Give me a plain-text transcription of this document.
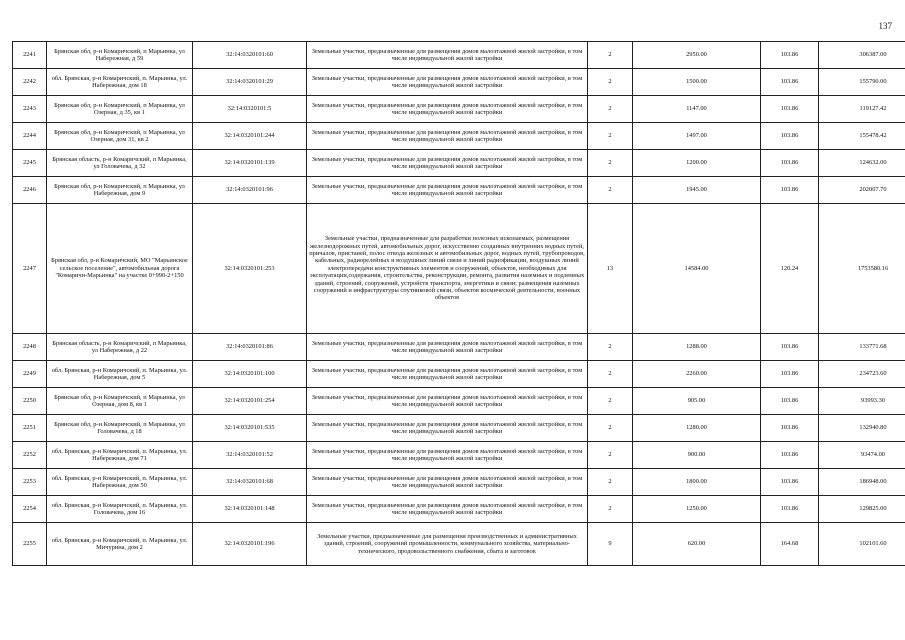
137
2241	Брянская обл, р-н Комаричский, п Марьинка, ул Набережная, д 59	32:14:0320101:60	Земельные участки, предназначенные для размещения домов малоэтажной жилой застройки, в том числе индивидуальной жилой застройки	2	2950.00	103.86	306387.00
2242	обл. Брянская, р-н Комаричский, п. Марьинка, ул. Набережная, дом 18	32:14:0320101:29	Земельные участки, предназначенные для размещения домов малоэтажной жилой застройки, в том числе индивидуальной жилой застройки	2	1500.00	103.86	155790.00
2243	Брянская обл, р-н Комаричский, п Марьинка, ул Озерная, д 35, кв 1	32:14:0320101:5	Земельные участки, предназначенные для размещения домов малоэтажной жилой застройки, в том числе индивидуальной жилой застройки	2	1147.00	103.86	119127.42
2244	Брянская обл, р-н Комаричский, п Марьинка, ул Озерная, дом 31, кв 2	32:14:0320101:244	Земельные участки, предназначенные для размещения домов малоэтажной жилой застройки, в том числе индивидуальной жилой застройки	2	1497.00	103.86	155478.42
2245	Брянская область, р-н Комаричский, п Марьинка, ул Головачева, д 32	32:14:0320101:139	Земельные участки, предназначенные для размещения домов малоэтажной жилой застройки, в том числе индивидуальной жилой застройки	2	1200.00	103.86	124632.00
2246	Брянская обл, р-н Комаричский, п Марьинка, ул Набережная, дом 9	32:14:0320101:96	Земельные участки, предназначенные для размещения домов малоэтажной жилой застройки, в том числе индивидуальной жилой застройки	2	1945.00	103.86	202007.70
2247	Брянская обл, р-н Комаричский, МО "Марьинское сельское поселение", автомобильная дорога "Комаричи-Марьинка" на участке 0+990-2+150	32:14:0320101:253	Земельные участки, предназначенные для разработки полезных ископаемых, размещения железнодорожных путей, автомобильных дорог, искусственно созданных внутренних водных путей, причалов, пристаней, полос отвода железных и автомобильных дорог, водных путей, трубопроводов, кабельных, радиорелейных и воздушных линий связи и линий радиофикации, воздушных линий электропередачи конструктивных элементов и сооружений, объектов, необходимых для эксплуатации,содержания, строительства, реконструкции, ремонта, развития наземных и подземных зданий, строений, сооружений, устройств транспорта, энергетики и связи; размещения наземных сооружений и инфраструктуры спутниковой связи, объектов космической деятельности, военных объектов	13	14584.00	120.24	1753580.16
2248	Брянская область, р-н Комаричский, п Марьинка, ул Набережная, д 22	32:14:0320101:86	Земельные участки, предназначенные для размещения домов малоэтажной жилой застройки, в том числе индивидуальной жилой застройки	2	1288.00	103.86	133771.68
2249	обл. Брянская, р-н Комаричский, п. Марьинка, ул. Набережная, дом 5	32:14:0320101:100	Земельные участки, предназначенные для размещения домов малоэтажной жилой застройки, в том числе индивидуальной жилой застройки	2	2260.00	103.86	234723.60
2250	Брянская обл, р-н Комаричский, п Марьинка, ул Озерная, дом 8, кв 1	32:14:0320101:254	Земельные участки, предназначенные для размещения домов малоэтажной жилой застройки, в том числе индивидуальной жилой застройки	2	905.00	103.86	93993.30
2251	Брянская обл, р-н Комаричский, п Марьинка, ул Головачева, д 18	32:14:0320101:535	Земельные участки, предназначенные для размещения домов малоэтажной жилой застройки, в том числе индивидуальной жилой застройки	2	1280.00	103.86	132940.80
2252	обл. Брянская, р-н Комаричский, п. Марьинка, ул. Набережная, дом 71	32:14:0320101:52	Земельные участки, предназначенные для размещения домов малоэтажной жилой застройки, в том числе индивидуальной жилой застройки	2	900.00	103.86	93474.00
2253	обл. Брянская, р-н Комаричский, п. Марьинка, ул. Набережная, дом 50	32:14:0320101:68	Земельные участки, предназначенные для размещения домов малоэтажной жилой застройки, в том числе индивидуальной жилой застройки	2	1800.00	103.86	186948.00
2254	обл. Брянская, р-н Комаричский, п. Марьинка, ул. Головачева, дом 16	32:14:0320101:148	Земельные участки, предназначенные для размещения домов малоэтажной жилой застройки, в том числе индивидуальной жилой застройки	2	1250.00	103.86	129825.00
2255	обл. Брянская, р-н Комаричский, п. Марьинка, ул. Мичурина, дом 2	32:14:0320101:196	Земельные участки, предназначенные для размещения производственных и административных зданий, строений, сооружений промышленности, коммунального хозяйства, материально-технического, продовольственного снабжения, сбыта и заготовок	9	620.00	164.68	102101.60
